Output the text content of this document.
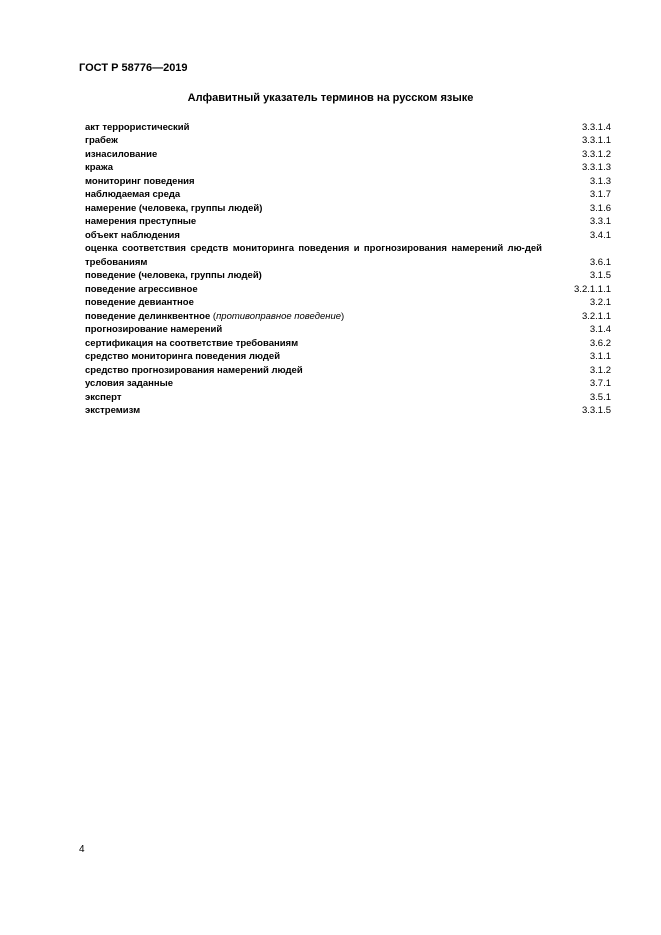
ГОСТ Р 58776—2019

Алфавитный указатель терминов на русском языке

акт террористический	3.3.1.4
грабеж	3.3.1.1
изнасилование	3.3.1.2
кража	3.3.1.3
мониторинг поведения	3.1.3
наблюдаемая среда	3.1.7
намерение (человека, группы людей)	3.1.6
намерения преступные	3.3.1
объект наблюдения	3.4.1
оценка соответствия средств мониторинга поведения и прогнозирования намерений лю-дей требованиям	3.6.1
поведение (человека, группы людей)	3.1.5
поведение агрессивное	3.2.1.1.1
поведение девиантное	3.2.1
поведение делинквентное (противоправное поведение)	3.2.1.1
прогнозирование намерений	3.1.4
сертификация на соответствие требованиям	3.6.2
средство мониторинга поведения людей	3.1.1
средство прогнозирования намерений людей	3.1.2
условия заданные	3.7.1
эксперт	3.5.1
экстремизм	3.3.1.5

4
